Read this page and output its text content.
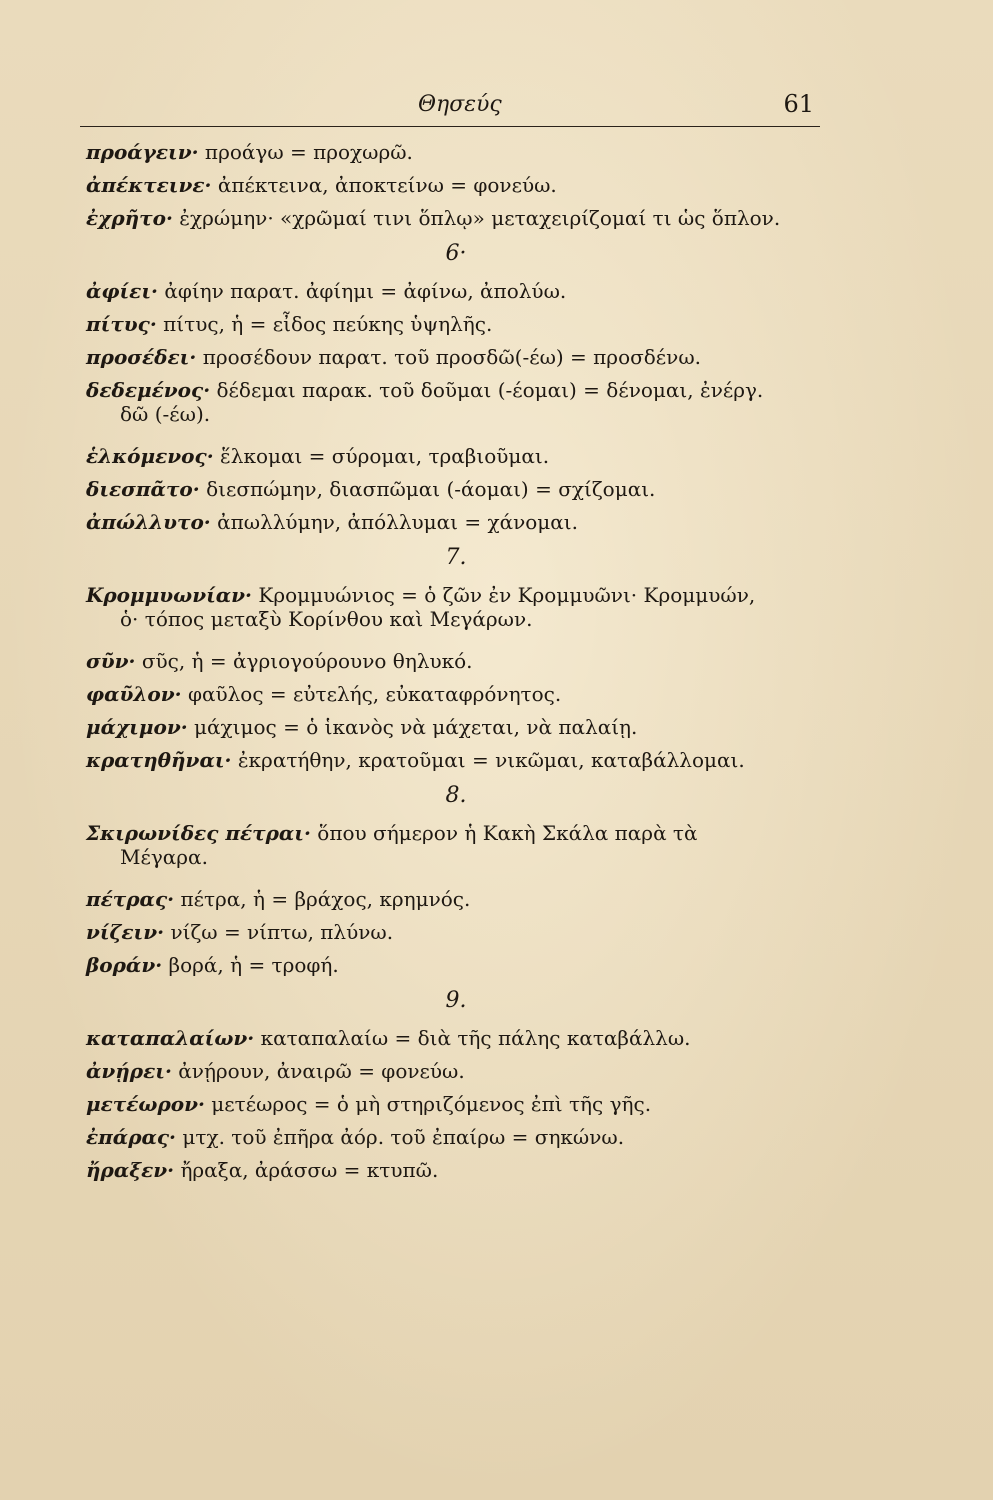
Θησεύς	61
προάγειν· προάγω = προχωρῶ.
ἀπέκτεινε· ἀπέκτεινα, ἀποκτείνω = φονεύω.
ἐχρῆτο· ἐχρώμην· «χρῶμαί τινι ὅπλῳ» μεταχειρίζομαί τι ὡς ὅπλον.
6·
ἀφίει· ἀφίην παρατ. ἀφίημι = ἀφίνω, ἀπολύω.
πίτυς· πίτυς, ἡ = εἶδος πεύκης ὑψηλῆς.
προσέδει· προσέδουν παρατ. τοῦ προσδῶ(-έω) = προσδένω.
δεδεμένος· δέδεμαι παρακ. τοῦ δοῦμαι (-έομαι) = δένομαι, ἐνέργ.
δῶ (-έω).
ἑλκόμενος· ἕλκομαι = σύρομαι, τραβιοῦμαι.
διεσπᾶτο· διεσπώμην, διασπῶμαι (-άομαι) = σχίζομαι.
ἀπώλλυτο· ἀπωλλύμην, ἀπόλλυμαι = χάνομαι.
7.
Κρομμυωνίαν· Κρομμυώνιος = ὁ ζῶν ἐν Κρομμυῶνι· Κρομμυών,
ὁ· τόπος μεταξὺ Κορίνθου καὶ Μεγάρων.
σῦν· σῦς, ἡ = ἀγριογούρουνο θηλυκό.
φαῦλον· φαῦλος = εὐτελής, εὐκαταφρόνητος.
μάχιμον· μάχιμος = ὁ ἱκανὸς νὰ μάχεται, νὰ παλαίῃ.
κρατηθῆναι· ἐκρατήθην, κρατοῦμαι = νικῶμαι, καταβάλλομαι.
8.
Σκιρωνίδες πέτραι· ὅπου σήμερον ἡ Κακὴ Σκάλα παρὰ τὰ
Μέγαρα.
πέτρας· πέτρα, ἡ = βράχος, κρημνός.
νίζειν· νίζω = νίπτω, πλύνω.
βοράν· βορά, ἡ = τροφή.
9.
καταπαλαίων· καταπαλαίω = διὰ τῆς πάλης καταβάλλω.
ἀνῄρει· ἀνῄρουν, ἀναιρῶ = φονεύω.
μετέωρον· μετέωρος = ὁ μὴ στηριζόμενος ἐπὶ τῆς γῆς.
ἐπάρας· μτχ. τοῦ ἐπῆρα ἀόρ. τοῦ ἐπαίρω = σηκώνω.
ἤραξεν· ἤραξα, ἀράσσω = κτυπῶ.
